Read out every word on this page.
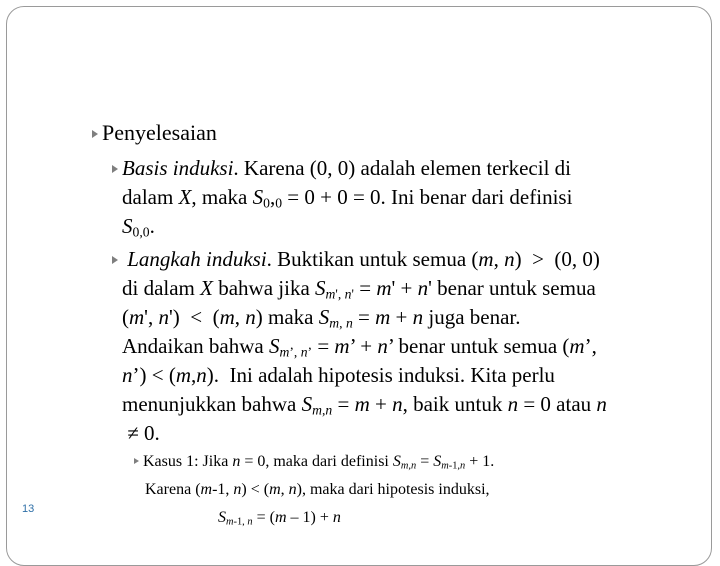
Penyelesaian
Basis induksi. Karena (0, 0) adalah elemen terkecil di
dalam X, maka $S_0,_0 = 0 + 0 = 0$. Ini benar dari definisi
$S_{0,0}$.
Langkah induksi. Buktikan untuk semua (m, n)  >  (0, 0)
di dalam X bahwa jika $S_{m', n'} = m' + n'$ benar untuk semua
(m', n')  <  (m, n) maka $S_{m, n} = m + n$ juga benar.
Andaikan bahwa $S_{m’, n’} = m$’ + n’ benar untuk semua (m’,
n’) < (m,n).  Ini adalah hipotesis induksi. Kita perlu
menunjukkan bahwa $S_{m,n} = m + n$, baik untuk n = 0 atau n
≠ 0.
Kasus 1: Jika n = 0, maka dari definisi $S_{m,n} = S_{m-1,n} + 1$.
Karena (m-1, n) < (m, n), maka dari hipotesis induksi,
$S_{m-1, n} = (m - 1) + n$
13
